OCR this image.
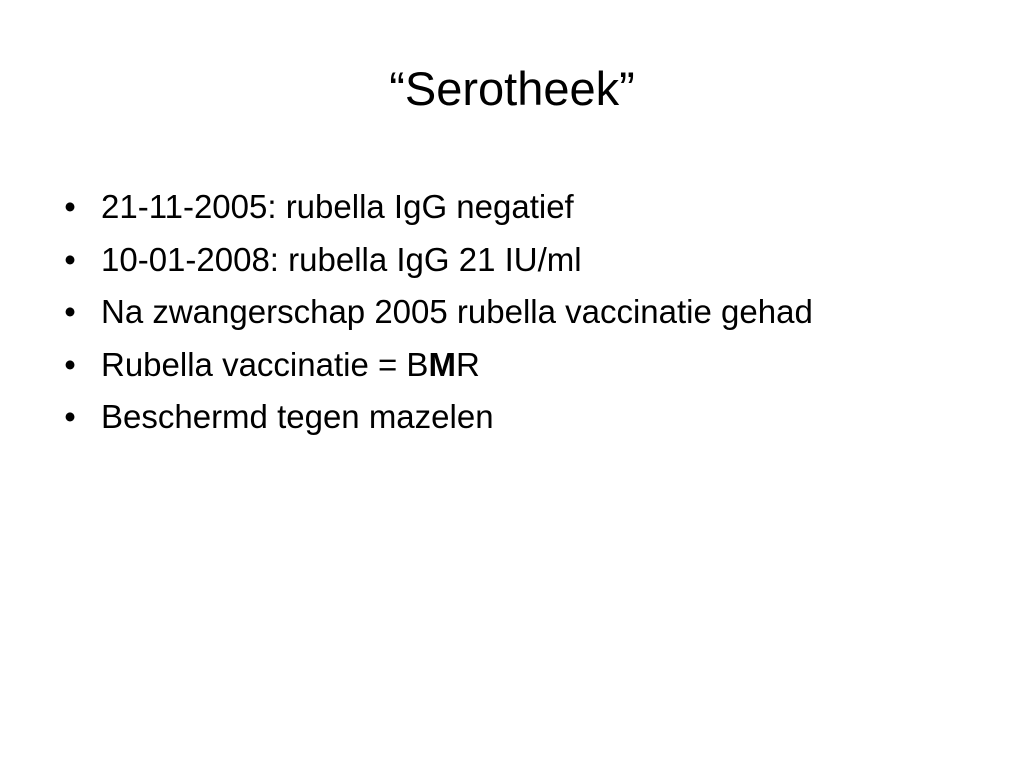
“Serotheek”
• 21-11-2005: rubella IgG negatief
• 10-01-2008: rubella IgG 21 IU/ml
• Na zwangerschap 2005 rubella vaccinatie gehad
• Rubella vaccinatie = BMR
• Beschermd tegen mazelen
